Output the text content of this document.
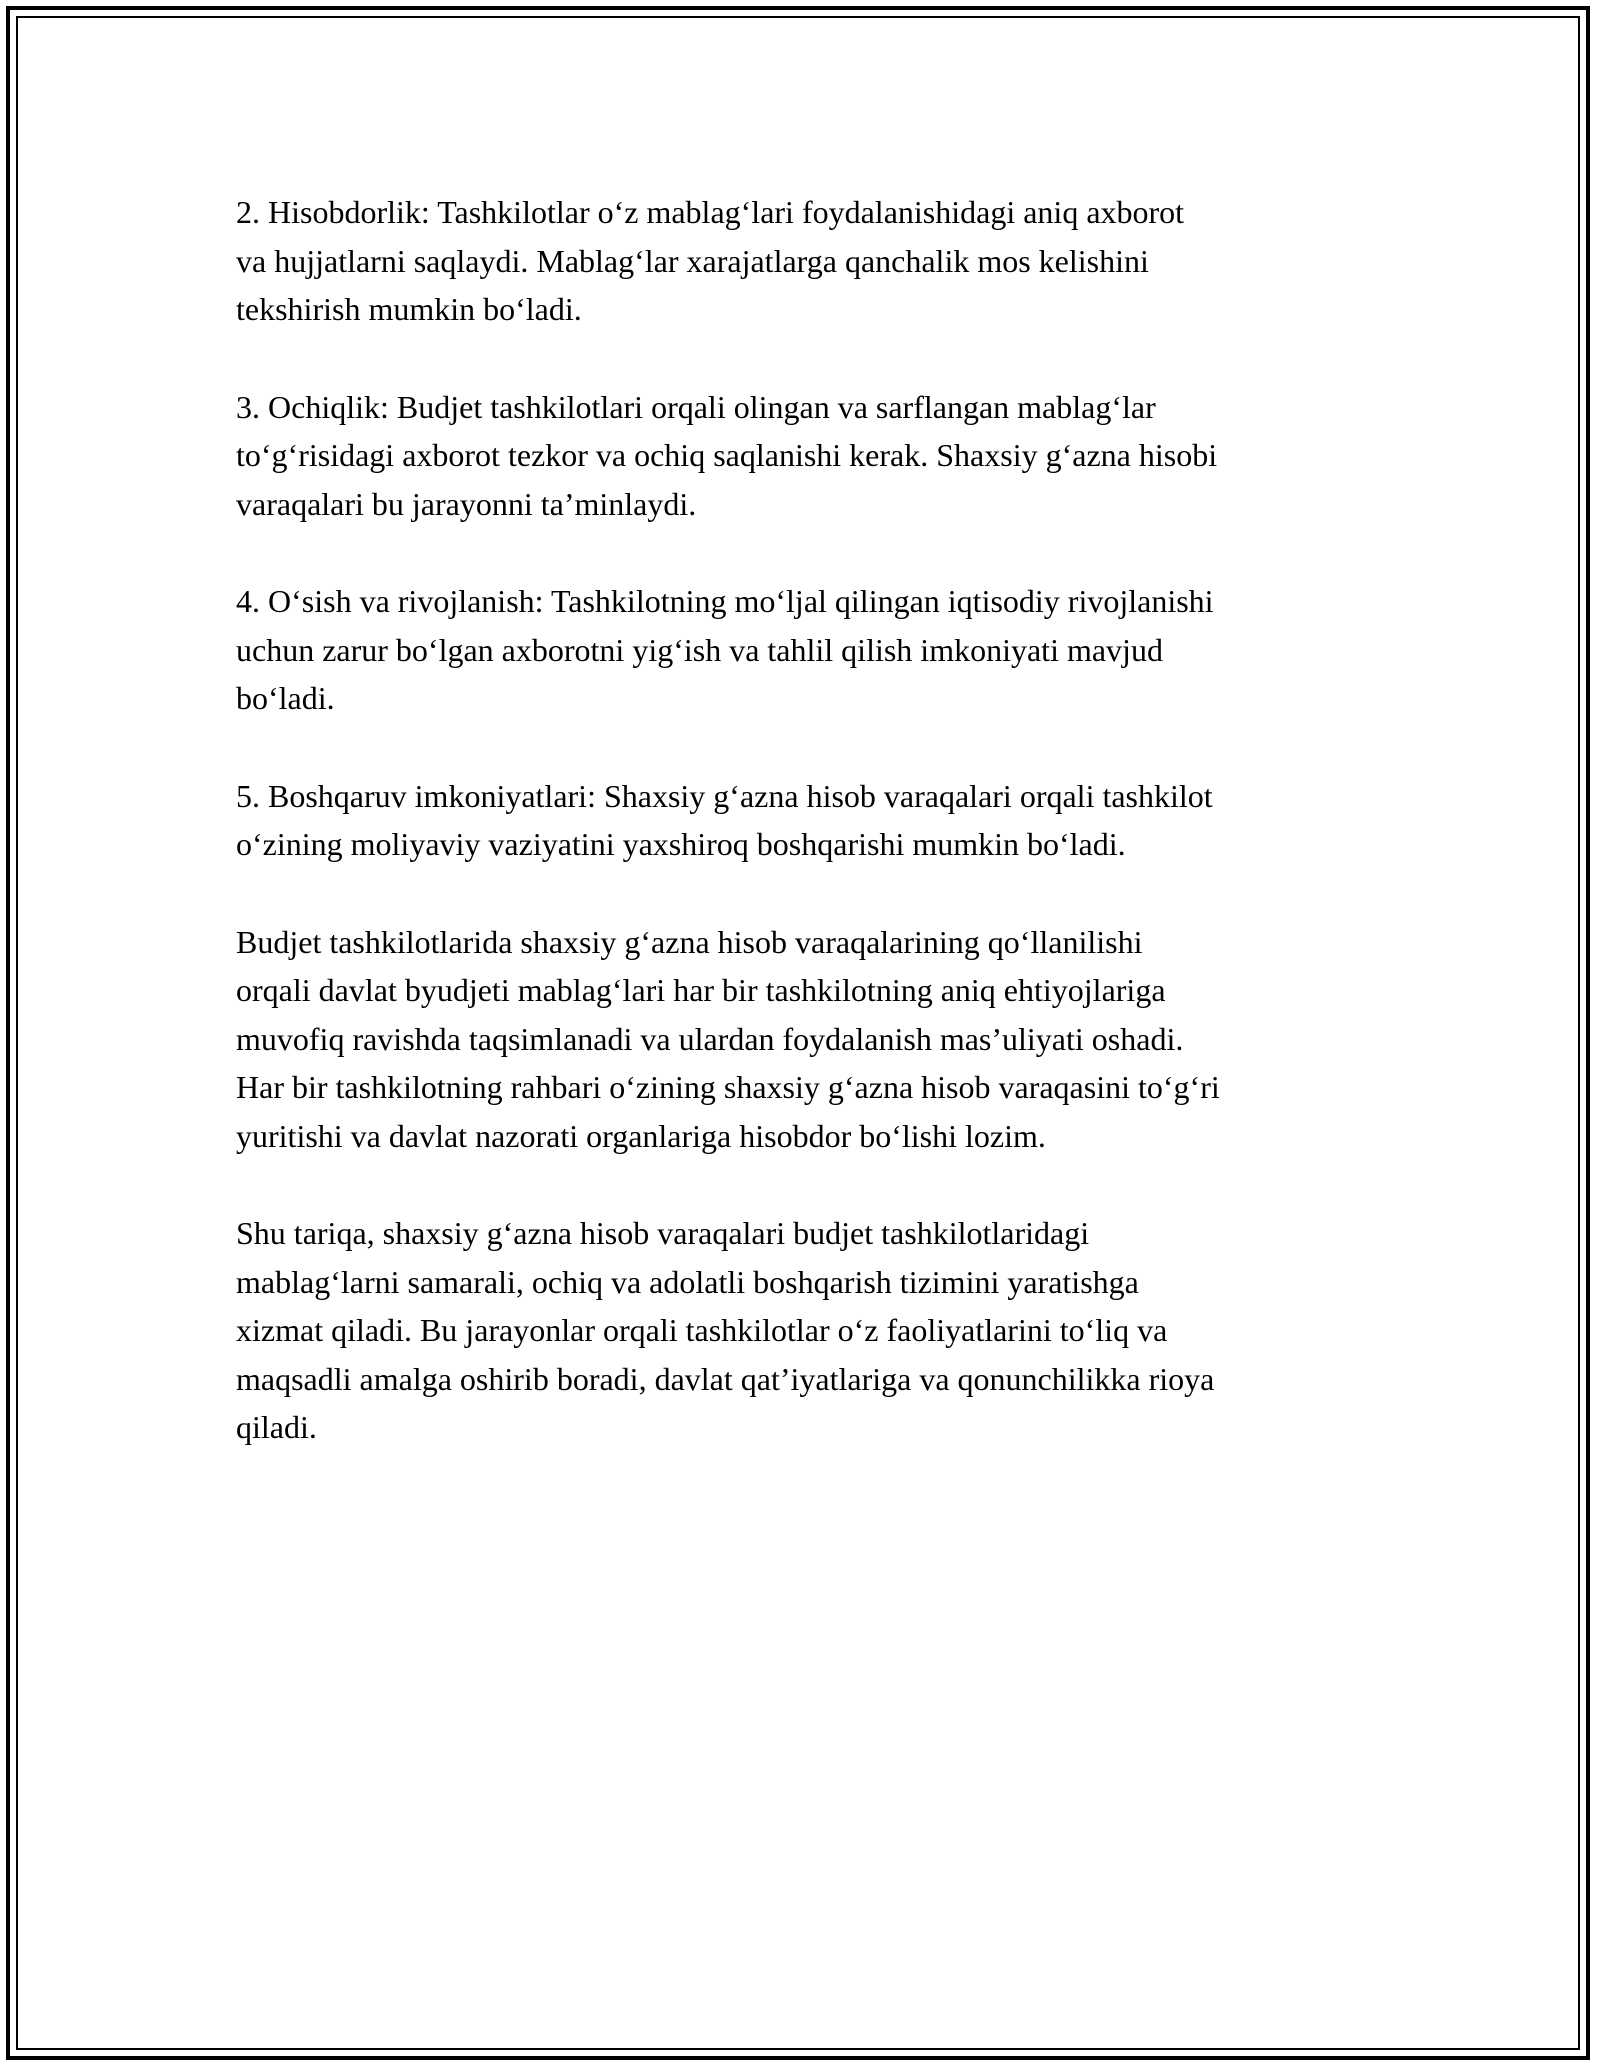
2. Hisobdorlik: Tashkilotlar o‘z mablag‘lari foydalanishidagi aniq axborot
va hujjatlarni saqlaydi. Mablag‘lar xarajatlarga qanchalik mos kelishini
tekshirish mumkin bo‘ladi.

3. Ochiqlik: Budjet tashkilotlari orqali olingan va sarflangan mablag‘lar
to‘g‘risidagi axborot tezkor va ochiq saqlanishi kerak. Shaxsiy g‘azna hisobi
varaqalari bu jarayonni ta’minlaydi.

4. O‘sish va rivojlanish: Tashkilotning mo‘ljal qilingan iqtisodiy rivojlanishi
uchun zarur bo‘lgan axborotni yig‘ish va tahlil qilish imkoniyati mavjud
bo‘ladi.

5. Boshqaruv imkoniyatlari: Shaxsiy g‘azna hisob varaqalari orqali tashkilot
o‘zining moliyaviy vaziyatini yaxshiroq boshqarishi mumkin bo‘ladi.

Budjet tashkilotlarida shaxsiy g‘azna hisob varaqalarining qo‘llanilishi
orqali davlat byudjeti mablag‘lari har bir tashkilotning aniq ehtiyojlariga
muvofiq ravishda taqsimlanadi va ulardan foydalanish mas’uliyati oshadi.
Har bir tashkilotning rahbari o‘zining shaxsiy g‘azna hisob varaqasini to‘g‘ri
yuritishi va davlat nazorati organlariga hisobdor bo‘lishi lozim.

Shu tariqa, shaxsiy g‘azna hisob varaqalari budjet tashkilotlaridagi
mablag‘larni samarali, ochiq va adolatli boshqarish tizimini yaratishga
xizmat qiladi. Bu jarayonlar orqali tashkilotlar o‘z faoliyatlarini to‘liq va
maqsadli amalga oshirib boradi, davlat qat’iyatlariga va qonunchilikka rioya
qiladi.
